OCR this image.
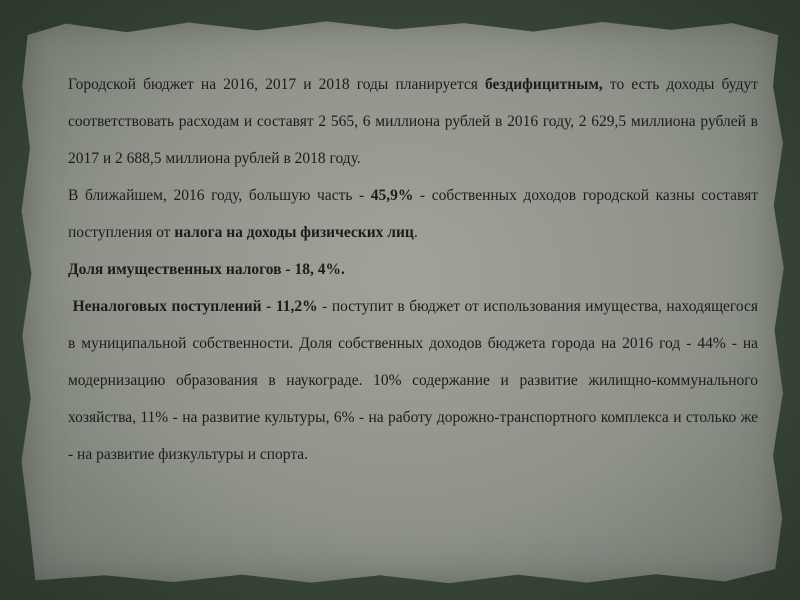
Городской бюджет на 2016, 2017 и 2018 годы планируется бездифицитным, то есть доходы будут соответствовать расходам и составят 2 565, 6 миллиона рублей в 2016 году, 2 629,5 миллиона рублей в 2017 и 2 688,5 миллиона рублей в 2018 году.

В ближайшем, 2016 году, большую часть - 45,9% - собственных доходов городской казны составят поступления от налога на доходы физических лиц.

Доля имущественных налогов - 18, 4%.

Неналоговых поступлений - 11,2% - поступит в бюджет от использования имущества, находящегося в муниципальной собственности. Доля собственных доходов бюджета города на 2016 год - 44% - на модернизацию образования в наукограде. 10% содержание и развитие жилищно-коммунального хозяйства, 11% - на развитие культуры, 6% - на работу дорожно-транспортного комплекса и столько же - на развитие физкультуры и спорта.
